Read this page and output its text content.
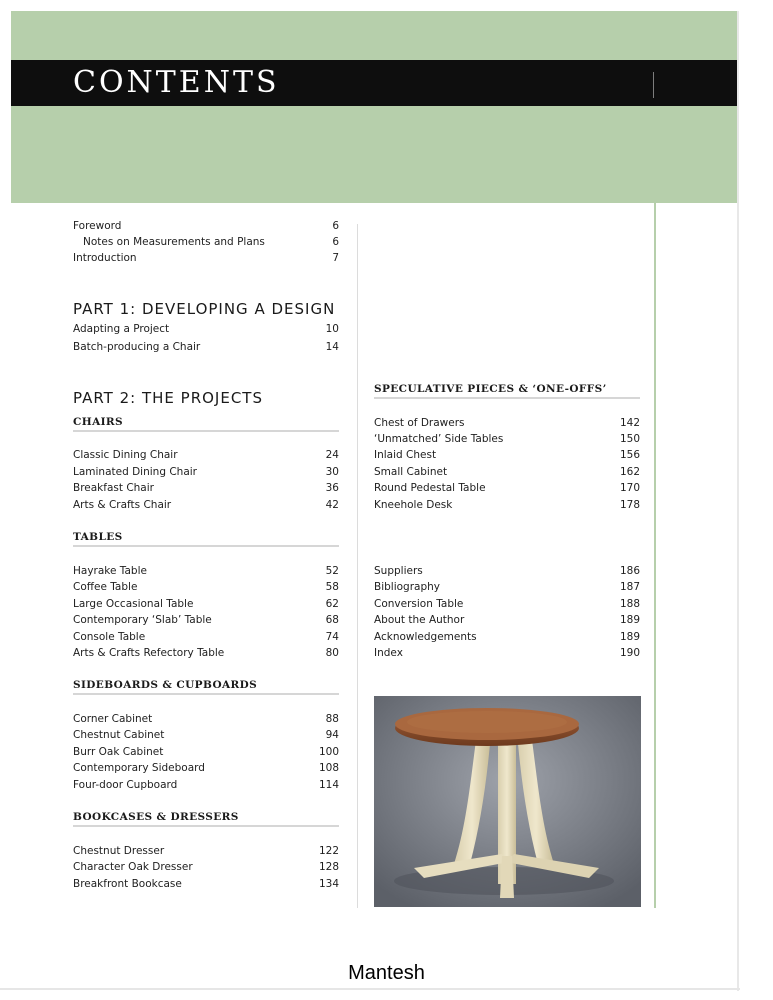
CONTENTS
Foreword	6
Notes on Measurements and Plans	6
Introduction	7
PART 1: DEVELOPING A DESIGN
Adapting a Project	10
Batch-producing a Chair	14
PART 2: THE PROJECTS
CHAIRS
Classic Dining Chair	24
Laminated Dining Chair	30
Breakfast Chair	36
Arts & Crafts Chair	42
TABLES
Hayrake Table	52
Coffee Table	58
Large Occasional Table	62
Contemporary ‘Slab’ Table	68
Console Table	74
Arts & Crafts Refectory Table	80
SIDEBOARDS & CUPBOARDS
Corner Cabinet	88
Chestnut Cabinet	94
Burr Oak Cabinet	100
Contemporary Sideboard	108
Four-door Cupboard	114
BOOKCASES & DRESSERS
Chestnut Dresser	122
Character Oak Dresser	128
Breakfront Bookcase	134
SPECULATIVE PIECES & ‘ONE-OFFS’
Chest of Drawers	142
‘Unmatched’ Side Tables	150
Inlaid Chest	156
Small Cabinet	162
Round Pedestal Table	170
Kneehole Desk	178
Suppliers	186
Bibliography	187
Conversion Table	188
About the Author	189
Acknowledgements	189
Index	190
Mantesh
